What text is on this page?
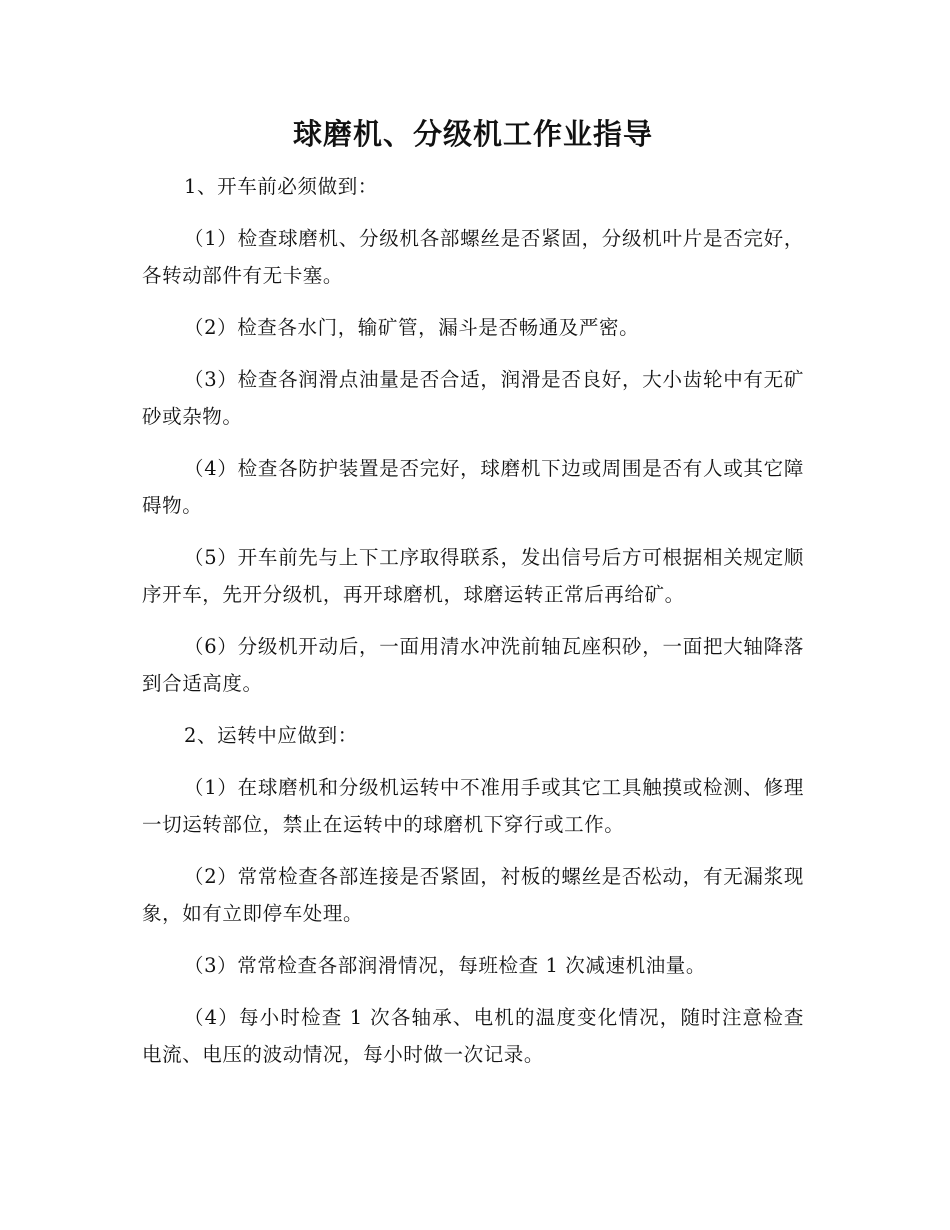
球磨机、分级机工作业指导

1、开车前必须做到：

（1）检查球磨机、分级机各部螺丝是否紧固，分级机叶片是否完好，各转动部件有无卡塞。

（2）检查各水门，输矿管，漏斗是否畅通及严密。

（3）检查各润滑点油量是否合适，润滑是否良好，大小齿轮中有无矿砂或杂物。

（4）检查各防护装置是否完好，球磨机下边或周围是否有人或其它障碍物。

（5）开车前先与上下工序取得联系，发出信号后方可根据相关规定顺序开车，先开分级机，再开球磨机，球磨运转正常后再给矿。

（6）分级机开动后，一面用清水冲洗前轴瓦座积砂，一面把大轴降落到合适高度。

2、运转中应做到：

（1）在球磨机和分级机运转中不准用手或其它工具触摸或检测、修理一切运转部位，禁止在运转中的球磨机下穿行或工作。

（2）常常检查各部连接是否紧固，衬板的螺丝是否松动，有无漏浆现象，如有立即停车处理。

（3）常常检查各部润滑情况，每班检查 1 次减速机油量。

（4）每小时检查 1 次各轴承、电机的温度变化情况，随时注意检查电流、电压的波动情况，每小时做一次记录。
